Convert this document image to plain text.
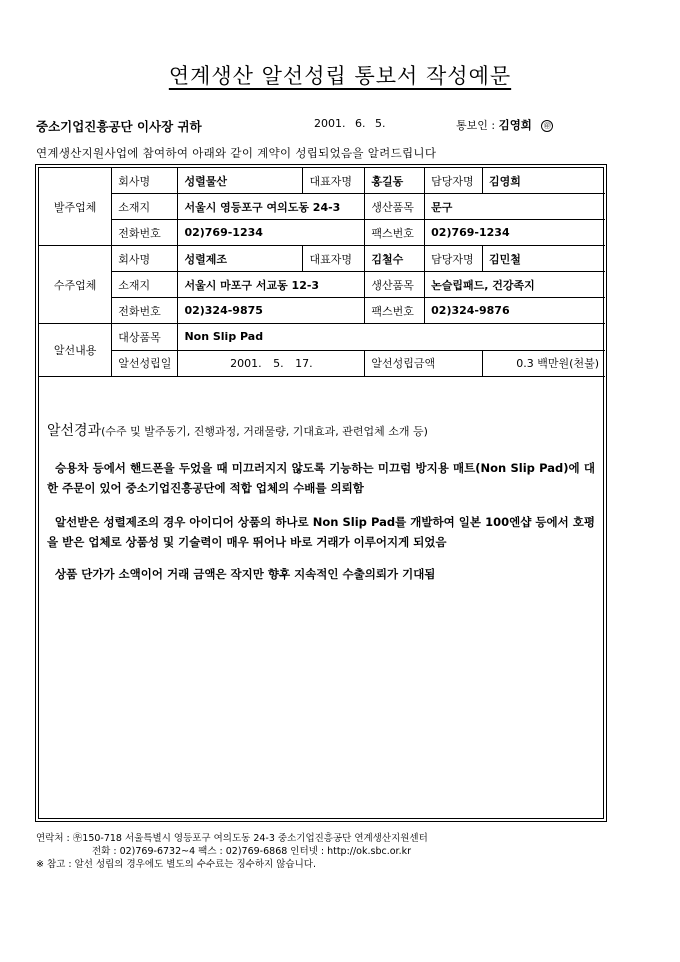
연계생산 알선성립 통보서 작성예문
중소기업진흥공단 이사장 귀하	2001. 6. 5.	통보인 : 김영희 ㊞
연계생산지원사업에 참여하여 아래와 같이 계약이 성립되었음을 알려드립니다
발주업체	회사명	성렬물산	대표자명	홍길동	담당자명	김영희
	소재지	서울시 영등포구 여의도동 24-3		생산품목	문구	
	전화번호	02)769-1234		팩스번호	02)769-1234	
수주업체	회사명	성렬제조	대표자명	김철수	담당자명	김민철
	소재지	서울시 마포구 서교동 12-3		생산품목	논슬립패드, 건강족지	
	전화번호	02)324-9875		팩스번호	02)324-9876	
알선내용	대상품목	Non Slip Pad				
	알선성립일	2001. 5. 17.		알선성립금액		0.3 백만원(천불)
알선경과(수주 및 발주동기, 진행과정, 거래물량, 기대효과, 관련업체 소개 등)

승용차 등에서 핸드폰을 두었을 때 미끄러지지 않도록 기능하는 미끄럼 방지용 매트(Non Slip Pad)에 대한 주문이 있어 중소기업진흥공단에 적합 업체의 수배를 의뢰함

알선받은 성렬제조의 경우 아이디어 상품의 하나로 Non Slip Pad를 개발하여 일본 100엔샵 등에서 호평을 받은 업체로 상품성 및 기술력이 매우 뛰어나 바로 거래가 이루어지게 되었음

상품 단가가 소액이어 거래 금액은 작지만 향후 지속적인 수출의뢰가 기대됨

연락처 : ㉾150-718 서울특별시 영등포구 여의도동 24-3 중소기업진흥공단 연계생산지원센터
전화 : 02)769-6732~4 팩스 : 02)769-6868 인터넷 : http://ok.sbc.or.kr
※ 참고 : 알선 성립의 경우에도 별도의 수수료는 징수하지 않습니다.
